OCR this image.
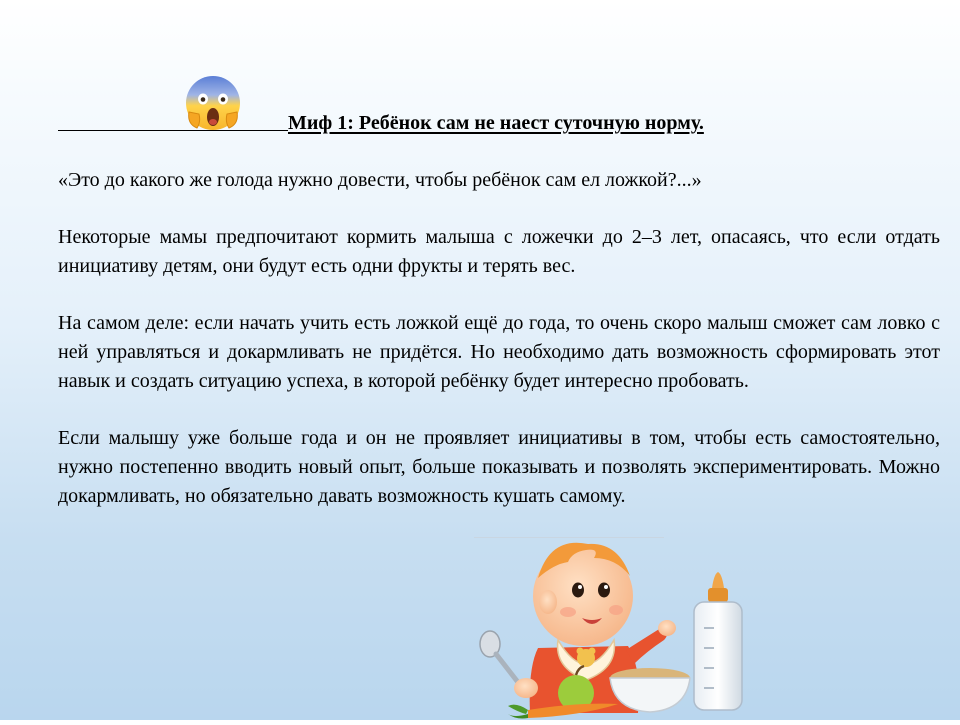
Миф 1: Ребёнок сам не наест суточную норму.

«Это до какого же голода нужно довести, чтобы ребёнок сам ел ложкой?...»

Некоторые мамы предпочитают кормить малыша с ложечки до 2–3 лет, опасаясь, что если отдать инициативу детям, они будут есть одни фрукты и терять вес.

На самом деле: если начать учить есть ложкой ещё до года, то очень скоро малыш сможет сам ловко с ней управляться и докармливать не придётся. Но необходимо дать возможность сформировать этот навык и создать ситуацию успеха, в которой ребёнку будет интересно пробовать.

Если малышу уже больше года и он не проявляет инициативы в том, чтобы есть самостоятельно, нужно постепенно вводить новый опыт, больше показывать и позволять экспериментировать. Можно докармливать, но обязательно давать возможность кушать самому.
